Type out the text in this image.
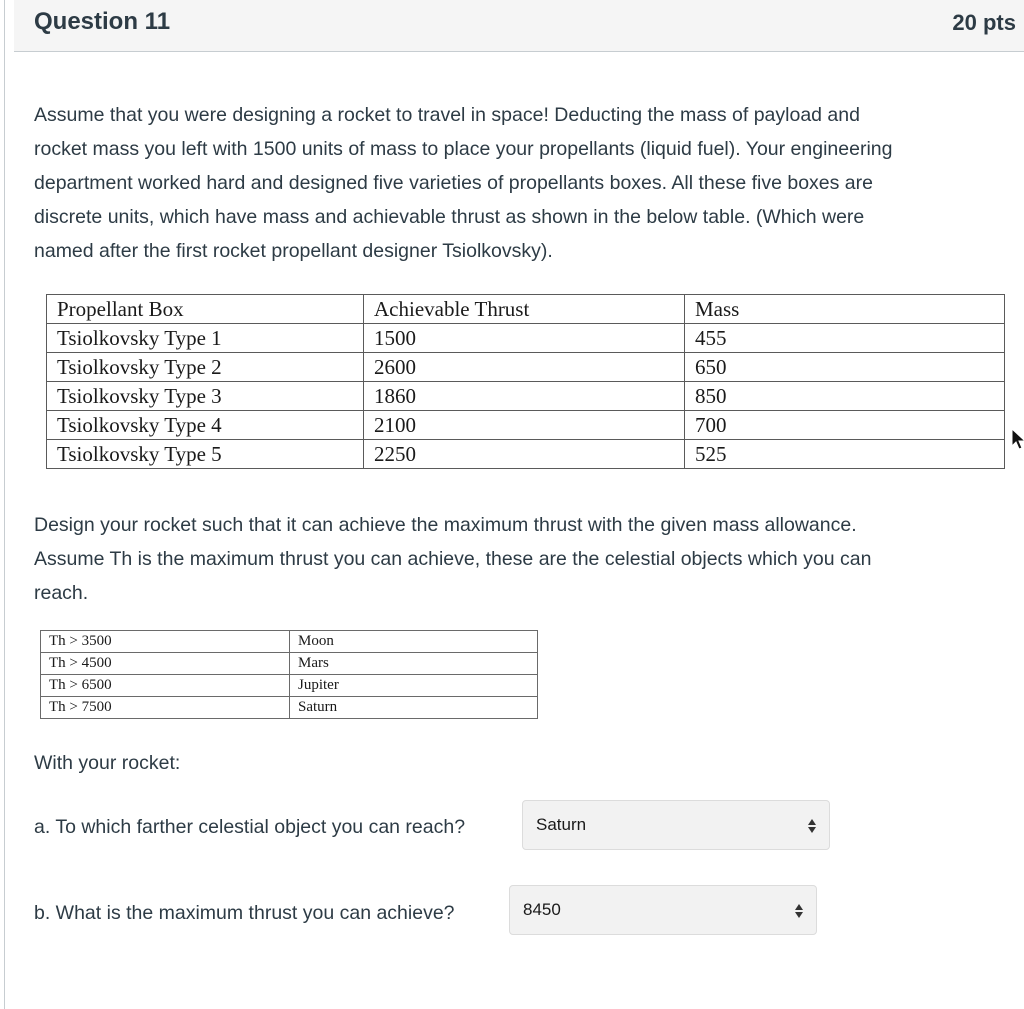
Question 11	20 pts
Assume that you were designing a rocket to travel in space! Deducting the mass of payload and
rocket mass you left with 1500 units of mass to place your propellants (liquid fuel). Your engineering
department worked hard and designed five varieties of propellants boxes. All these five boxes are
discrete units, which have mass and achievable thrust as shown in the below table. (Which were
named after the first rocket propellant designer Tsiolkovsky).
Propellant Box	Achievable Thrust	Mass
Tsiolkovsky Type 1	1500	455
Tsiolkovsky Type 2	2600	650
Tsiolkovsky Type 3	1860	850
Tsiolkovsky Type 4	2100	700
Tsiolkovsky Type 5	2250	525
Design your rocket such that it can achieve the maximum thrust with the given mass allowance.
Assume Th is the maximum thrust you can achieve, these are the celestial objects which you can
reach.
Th > 3500	Moon
Th > 4500	Mars
Th > 6500	Jupiter
Th > 7500	Saturn
With your rocket:
a. To which farther celestial object you can reach?	Saturn
b. What is the maximum thrust you can achieve?	8450
